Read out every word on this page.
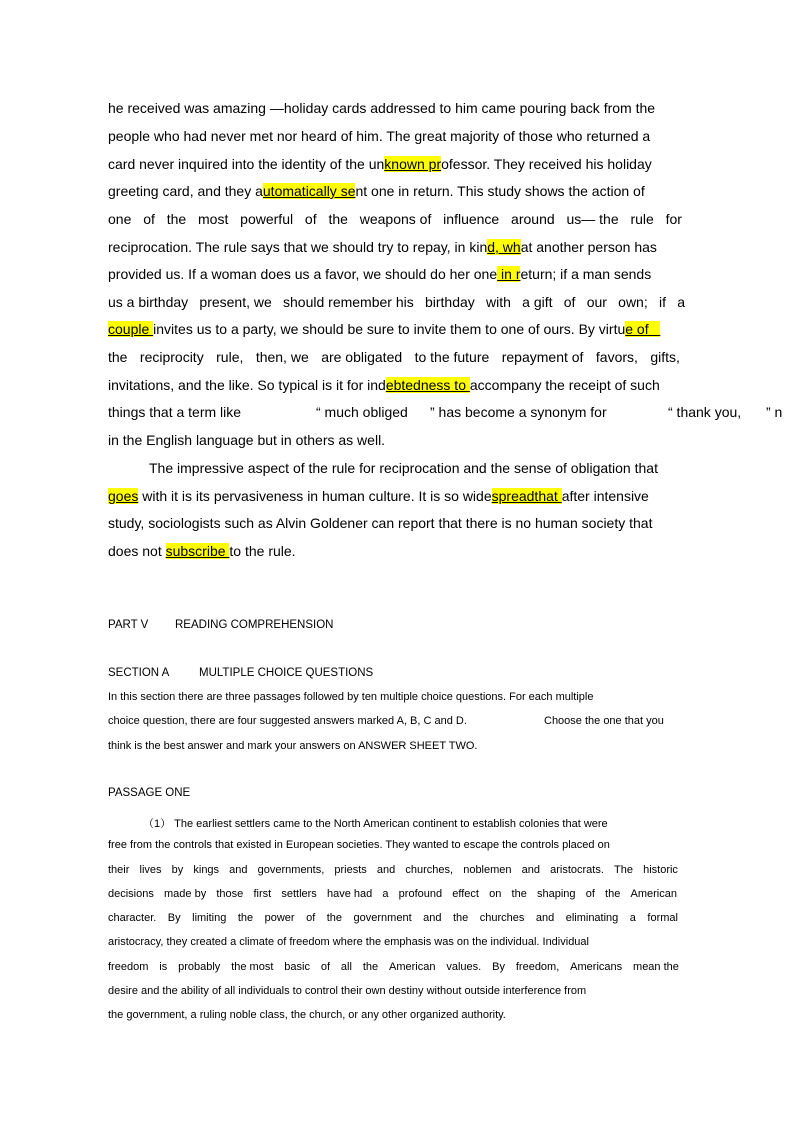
he received was amazing —holiday cards addressed to him came pouring back from the
people who had never met nor heard of him. The great majority of those who returned a
card never inquired into the identity of the unknown professor. They received his holiday
greeting card, and they automatically sent one in return. This study shows the action of
one of the most powerful of the weapons of influence around us— the rule for
reciprocation. The rule says that we should try to repay, in kind, what another person has
provided us. If a woman does us a favor, we should do her one in return; if a man sends
us a birthday present, we should remember his birthday with a gift of our own; if a
couple invites us to a party, we should be sure to invite them to one of ours. By virtue of
the reciprocity rule, then, we are obligated to the future repayment of favors, gifts,
invitations, and the like. So typical is it for indebtedness to accompany the receipt of such
things that a term like	“ much obliged ” has become a synonym for	“ thank you, ” n
in the English language but in others as well.
The impressive aspect of the rule for reciprocation and the sense of obligation that
goes with it is its pervasiveness in human culture. It is so widespreadthat after intensive
study, sociologists such as Alvin Goldener can report that there is no human society that
does not subscribe to the rule.
PART V READING COMPREHENSION
SECTION A	MULTIPLE CHOICE QUESTIONS
In this section there are three passages followed by ten multiple choice questions. For each multiple
choice question, there are four suggested answers marked A, B, C and D.	Choose the one that you
think is the best answer and mark your answers on ANSWER SHEET TWO.
PASSAGE ONE
（1） The earliest settlers came to the North American continent to establish colonies that were
free from the controls that existed in European societies. They wanted to escape the controls placed on
their lives by kings and governments, priests and churches, noblemen and aristocrats. The historic
decisions made by those first settlers have had a profound effect on the shaping of the American
character. By limiting the power of the government and the churches and eliminating a formal
aristocracy, they created a climate of freedom where the emphasis was on the individual. Individual
freedom is probably the most basic of all the American values. By freedom, Americans mean the
desire and the ability of all individuals to control their own destiny without outside interference from
the government, a ruling noble class, the church, or any other organized authority.
